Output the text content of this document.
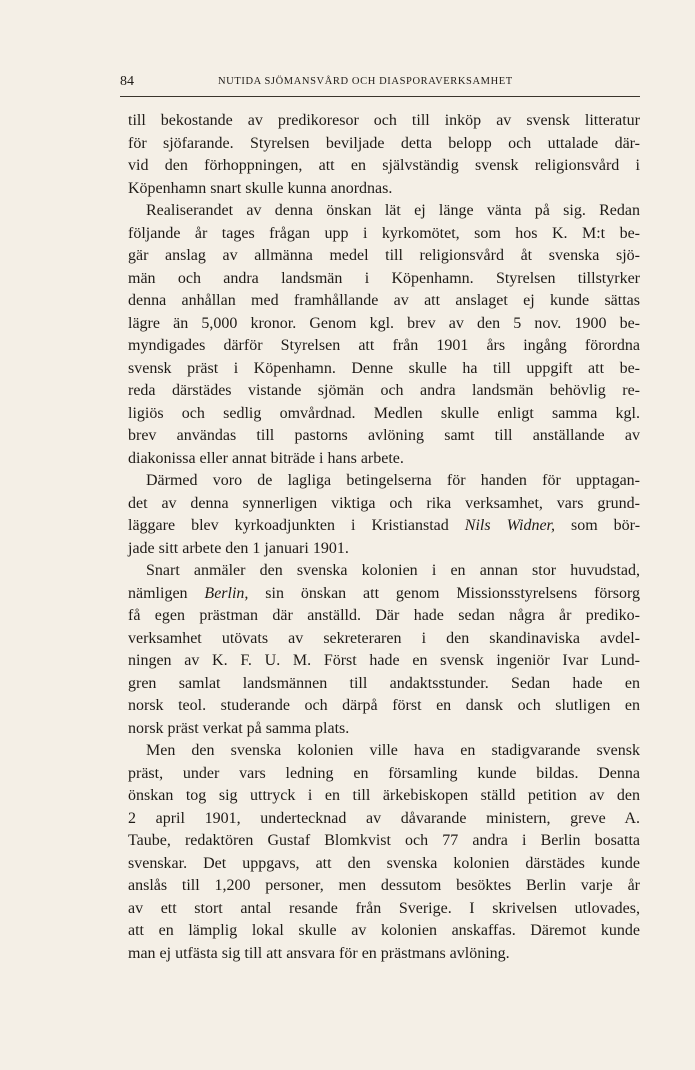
84	NUTIDA SJÖMANSVÅRD OCH DIASPORAVERKSAMHET
till bekostande av predikoresor och till inköp av svensk litteratur
för sjöfarande. Styrelsen beviljade detta belopp och uttalade där-
vid den förhoppningen, att en självständig svensk religionsvård i
Köpenhamn snart skulle kunna anordnas.
Realiserandet av denna önskan lät ej länge vänta på sig. Redan
följande år tages frågan upp i kyrkomötet, som hos K. M:t be-
gär anslag av allmänna medel till religionsvård åt svenska sjö-
män och andra landsmän i Köpenhamn. Styrelsen tillstyrker
denna anhållan med framhållande av att anslaget ej kunde sättas
lägre än 5,000 kronor. Genom kgl. brev av den 5 nov. 1900 be-
myndigades därför Styrelsen att från 1901 års ingång förordna
svensk präst i Köpenhamn. Denne skulle ha till uppgift att be-
reda därstädes vistande sjömän och andra landsmän behövlig re-
ligiös och sedlig omvårdnad. Medlen skulle enligt samma kgl.
brev användas till pastorns avlöning samt till anställande av
diakonissa eller annat biträde i hans arbete.
Därmed voro de lagliga betingelserna för handen för upptagan-
det av denna synnerligen viktiga och rika verksamhet, vars grund-
läggare blev kyrkoadjunkten i Kristianstad Nils Widner, som bör-
jade sitt arbete den 1 januari 1901.
Snart anmäler den svenska kolonien i en annan stor huvudstad,
nämligen Berlin, sin önskan att genom Missionsstyrelsens försorg
få egen prästman där anställd. Där hade sedan några år prediko-
verksamhet utövats av sekreteraren i den skandinaviska avdel-
ningen av K. F. U. M. Först hade en svensk ingeniör Ivar Lund-
gren samlat landsmännen till andaktsstunder. Sedan hade en
norsk teol. studerande och därpå först en dansk och slutligen en
norsk präst verkat på samma plats.
Men den svenska kolonien ville hava en stadigvarande svensk
präst, under vars ledning en församling kunde bildas. Denna
önskan tog sig uttryck i en till ärkebiskopen ställd petition av den
2 april 1901, undertecknad av dåvarande ministern, greve A.
Taube, redaktören Gustaf Blomkvist och 77 andra i Berlin bosatta
svenskar. Det uppgavs, att den svenska kolonien därstädes kunde
anslås till 1,200 personer, men dessutom besöktes Berlin varje år
av ett stort antal resande från Sverige. I skrivelsen utlovades,
att en lämplig lokal skulle av kolonien anskaffas. Däremot kunde
man ej utfästa sig till att ansvara för en prästmans avlöning.
